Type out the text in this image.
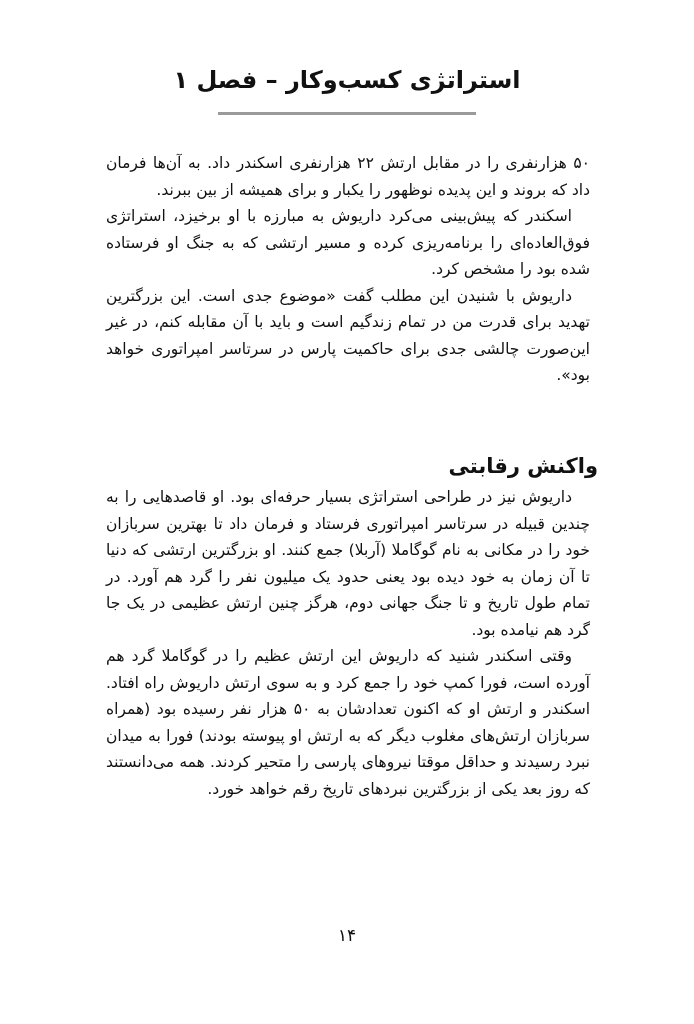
استراتژی کسب‌وکار – فصل ۱

۵۰ هزارنفری را در مقابل ارتش ۲۲ هزارنفری اسکندر داد. به آن‌ها فرمان داد که بروند و این پدیده نوظهور را یکبار و برای همیشه از بین ببرند.

اسکندر که پیش‌بینی می‌کرد داریوش به مبارزه با او برخیزد، استراتژی فوق‌العاده‌ای را برنامه‌ریزی کرده و مسیر ارتشی که به جنگ او فرستاده شده بود را مشخص کرد.

داریوش با شنیدن این مطلب گفت «موضوع جدی است. این بزرگترین تهدید برای قدرت من در تمام زندگیم است و باید با آن مقابله کنم، در غیر این‌صورت چالشی جدی برای حاکمیت پارس در سرتاسر امپراتوری خواهد بود».

واکنش رقابتی

داریوش نیز در طراحی استراتژی بسیار حرفه‌ای بود. او قاصدهایی را به چندین قبیله در سرتاسر امپراتوری فرستاد و فرمان داد تا بهترین سربازان خود را در مکانی به نام گوگاملا (آربلا) جمع کنند. او بزرگترین ارتشی که دنیا تا آن زمان به خود دیده بود یعنی حدود یک میلیون نفر را گرد هم آورد. در تمام طول تاریخ و تا جنگ جهانی دوم، هرگز چنین ارتش عظیمی در یک جا گرد هم نیامده بود.

وقتی اسکندر شنید که داریوش این ارتش عظیم را در گوگاملا گرد هم آورده است، فورا کمپ خود را جمع کرد و به سوی ارتش داریوش راه افتاد. اسکندر و ارتش او که اکنون تعدادشان به ۵۰ هزار نفر رسیده بود (همراه سربازان ارتش‌های مغلوب دیگر که به ارتش او پیوسته بودند) فورا به میدان نبرد رسیدند و حداقل موقتا نیروهای پارسی را متحیر کردند. همه می‌دانستند که روز بعد یکی از بزرگترین نبردهای تاریخ رقم خواهد خورد.

۱۴
